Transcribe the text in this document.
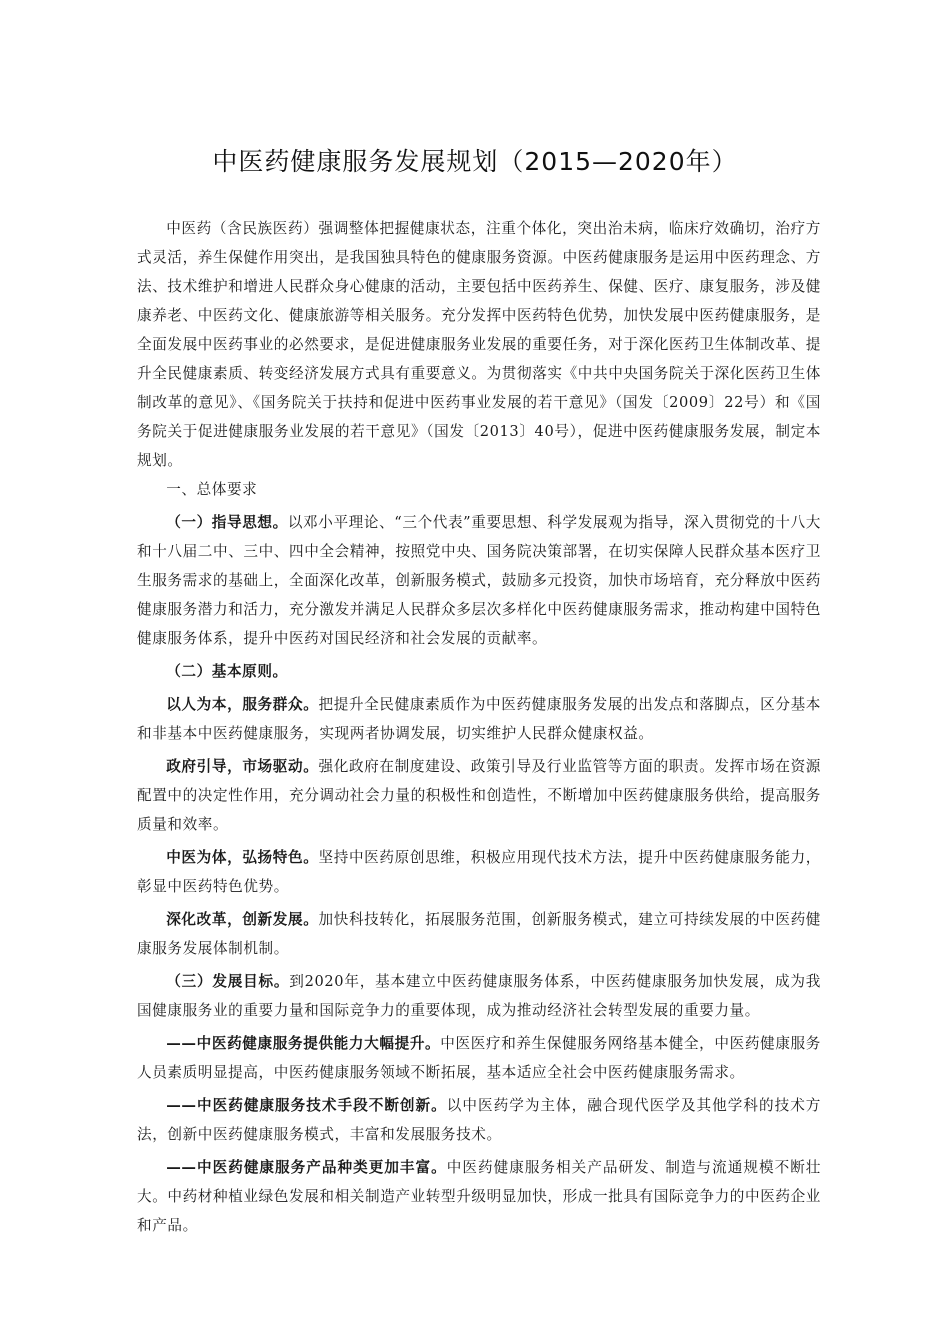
中医药健康服务发展规划（2015—2020年）

中医药（含民族医药）强调整体把握健康状态，注重个体化，突出治未病，临床疗效确切，治疗方式灵活，养生保健作用突出，是我国独具特色的健康服务资源。中医药健康服务是运用中医药理念、方法、技术维护和增进人民群众身心健康的活动，主要包括中医药养生、保健、医疗、康复服务，涉及健康养老、中医药文化、健康旅游等相关服务。充分发挥中医药特色优势，加快发展中医药健康服务，是全面发展中医药事业的必然要求，是促进健康服务业发展的重要任务，对于深化医药卫生体制改革、提升全民健康素质、转变经济发展方式具有重要意义。为贯彻落实《中共中央国务院关于深化医药卫生体制改革的意见》、《国务院关于扶持和促进中医药事业发展的若干意见》（国发〔2009〕22号）和《国务院关于促进健康服务业发展的若干意见》（国发〔2013〕40号），促进中医药健康服务发展，制定本规划。

一、总体要求

（一）指导思想。以邓小平理论、“三个代表”重要思想、科学发展观为指导，深入贯彻党的十八大和十八届二中、三中、四中全会精神，按照党中央、国务院决策部署，在切实保障人民群众基本医疗卫生服务需求的基础上，全面深化改革，创新服务模式，鼓励多元投资，加快市场培育，充分释放中医药健康服务潜力和活力，充分激发并满足人民群众多层次多样化中医药健康服务需求，推动构建中国特色健康服务体系，提升中医药对国民经济和社会发展的贡献率。

（二）基本原则。

以人为本，服务群众。把提升全民健康素质作为中医药健康服务发展的出发点和落脚点，区分基本和非基本中医药健康服务，实现两者协调发展，切实维护人民群众健康权益。

政府引导，市场驱动。强化政府在制度建设、政策引导及行业监管等方面的职责。发挥市场在资源配置中的决定性作用，充分调动社会力量的积极性和创造性，不断增加中医药健康服务供给，提高服务质量和效率。

中医为体，弘扬特色。坚持中医药原创思维，积极应用现代技术方法，提升中医药健康服务能力，彰显中医药特色优势。

深化改革，创新发展。加快科技转化，拓展服务范围，创新服务模式，建立可持续发展的中医药健康服务发展体制机制。

（三）发展目标。到2020年，基本建立中医药健康服务体系，中医药健康服务加快发展，成为我国健康服务业的重要力量和国际竞争力的重要体现，成为推动经济社会转型发展的重要力量。

——中医药健康服务提供能力大幅提升。中医医疗和养生保健服务网络基本健全，中医药健康服务人员素质明显提高，中医药健康服务领域不断拓展，基本适应全社会中医药健康服务需求。

——中医药健康服务技术手段不断创新。以中医药学为主体，融合现代医学及其他学科的技术方法，创新中医药健康服务模式，丰富和发展服务技术。

——中医药健康服务产品种类更加丰富。中医药健康服务相关产品研发、制造与流通规模不断壮大。中药材种植业绿色发展和相关制造产业转型升级明显加快，形成一批具有国际竞争力的中医药企业和产品。
